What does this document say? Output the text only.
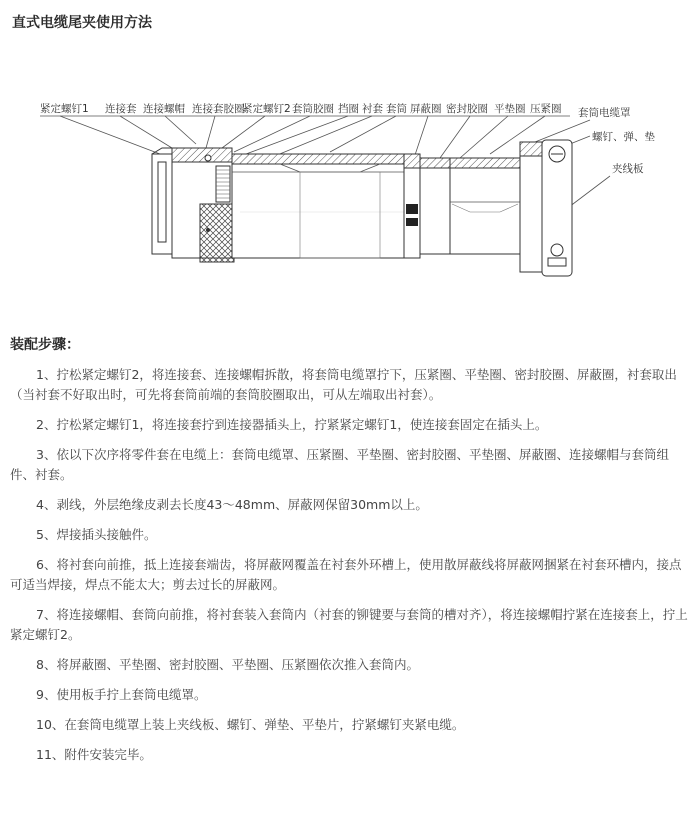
直式电缆尾夹使用方法
紧定螺钉1 连接套 连接螺帽 连接套胶圈
紧定螺钉2 套筒胶圈 挡圈 衬套 套筒 屏蔽圈 密封胶圈 平垫圈 压紧圈 套筒电缆罩
螺钉、弹、垫
夹线板
装配步骤：
1、拧松紧定螺钉2，将连接套、连接螺帽拆散，将套筒电缆罩拧下，压紧圈、平垫圈、密封胶圈、屏蔽圈，衬套取出（当衬套不好取出时，可先将套筒前端的套筒胶圈取出，可从左端取出衬套）。
2、拧松紧定螺钉1，将连接套拧到连接器插头上，拧紧紧定螺钉1，使连接套固定在插头上。
3、依以下次序将零件套在电缆上：套筒电缆罩、压紧圈、平垫圈、密封胶圈、平垫圈、屏蔽圈、连接螺帽与套筒组件、衬套。
4、剥线，外层绝缘皮剥去长度43～48mm、屏蔽网保留30mm以上。
5、焊接插头接触件。
6、将衬套向前推，抵上连接套端齿，将屏蔽网覆盖在衬套外环槽上，使用散屏蔽线将屏蔽网捆紧在衬套环槽内，接点可适当焊接，焊点不能太大；剪去过长的屏蔽网。
7、将连接螺帽、套筒向前推，将衬套装入套筒内（衬套的铆键要与套筒的槽对齐），将连接螺帽拧紧在连接套上，拧上紧定螺钉2。
8、将屏蔽圈、平垫圈、密封胶圈、平垫圈、压紧圈依次推入套筒内。
9、使用板手拧上套筒电缆罩。
10、在套筒电缆罩上装上夹线板、螺钉、弹垫、平垫片，拧紧螺钉夹紧电缆。
11、附件安装完毕。
